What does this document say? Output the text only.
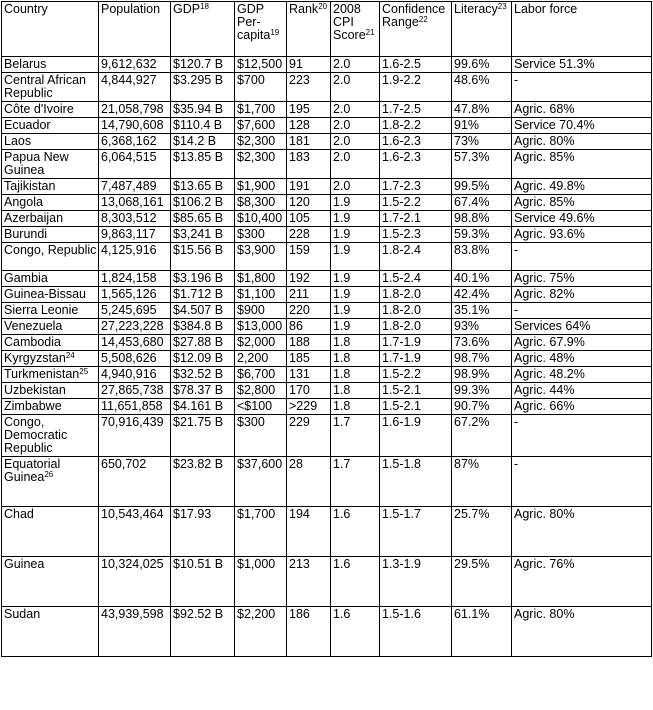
Country	Population	GDP$^{18}$	GDP Per-capita$^{19}$	Rank$^{20}$	2008 CPI Score$^{21}$	Confidence Range$^{22}$	Literacy$^{23}$	Labor force
Belarus	9,612,632	$120.7 B	$12,500	91	2.0	1.6-2.5	99.6%	Service 51.3%
Central African Republic	4,844,927	$3.295 B	$700	223	2.0	1.9-2.2	48.6%	-
Côte d'Ivoire	21,058,798	$35.94 B	$1,700	195	2.0	1.7-2.5	47.8%	Agric. 68%
Ecuador	14,790,608	$110.4 B	$7,600	128	2.0	1.8-2.2	91%	Service 70.4%
Laos	6,368,162	$14.2 B	$2,300	181	2.0	1.6-2.3	73%	Agric. 80%
Papua New Guinea	6,064,515	$13.85 B	$2,300	183	2.0	1.6-2.3	57.3%	Agric. 85%
Tajikistan	7,487,489	$13.65 B	$1,900	191	2.0	1.7-2.3	99.5%	Agric. 49.8%
Angola	13,068,161	$106.2 B	$8,300	120	1.9	1.5-2.2	67.4%	Agric. 85%
Azerbaijan	8,303,512	$85.65 B	$10,400	105	1.9	1.7-2.1	98.8%	Service 49.6%
Burundi	9,863,117	$3,241 B	$300	228	1.9	1.5-2.3	59.3%	Agric. 93.6%
Congo, Republic	4,125,916	$15.56 B	$3,900	159	1.9	1.8-2.4	83.8%	-
Gambia	1,824,158	$3.196 B	$1,800	192	1.9	1.5-2.4	40.1%	Agric. 75%
Guinea-Bissau	1,565,126	$1.712 B	$1,100	211	1.9	1.8-2.0	42.4%	Agric. 82%
Sierra Leonie	5,245,695	$4.507 B	$900	220	1.9	1.8-2.0	35.1%	-
Venezuela	27,223,228	$384.8 B	$13,000	86	1.9	1.8-2.0	93%	Services 64%
Cambodia	14,453,680	$27.88 B	$2,000	188	1.8	1.7-1.9	73.6%	Agric. 67.9%
Kyrgyzstan$^{24}$	5,508,626	$12.09 B	2,200	185	1.8	1.7-1.9	98.7%	Agric. 48%
Turkmenistan$^{25}$	4,940,916	$32.52 B	$6,700	131	1.8	1.5-2.2	98.9%	Agric. 48.2%
Uzbekistan	27,865,738	$78.37 B	$2,800	170	1.8	1.5-2.1	99.3%	Agric. 44%
Zimbabwe	11,651,858	$4.161 B	<$100	>229	1.8	1.5-2.1	90.7%	Agric. 66%
Congo, Democratic Republic	70,916,439	$21.75 B	$300	229	1.7	1.6-1.9	67.2%	-
Equatorial Guinea$^{26}$	650,702	$23.82 B	$37,600	28	1.7	1.5-1.8	87%	-
Chad	10,543,464	$17.93	$1,700	194	1.6	1.5-1.7	25.7%	Agric. 80%
Guinea	10,324,025	$10.51 B	$1,000	213	1.6	1.3-1.9	29.5%	Agric. 76%
Sudan	43,939,598	$92.52 B	$2,200	186	1.6	1.5-1.6	61.1%	Agric. 80%
